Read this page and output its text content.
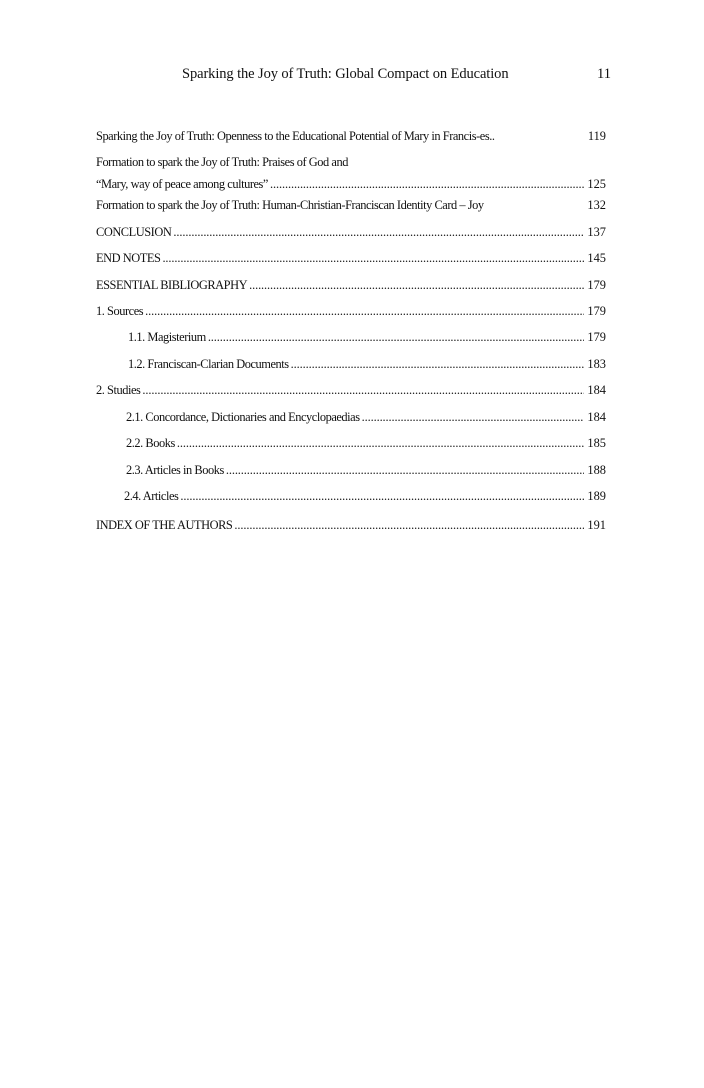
Sparking the Joy of Truth: Global Compact on Education	11
Sparking the Joy of Truth: Openness to the Educational Potential of Mary in Francis-es..	119
Formation to spark the Joy of Truth: Praises of God and
“Mary, way of peace among cultures” . . .	125
Formation to spark the Joy of Truth: Human-Christian-Franciscan Identity Card – Joy	132
CONCLUSION . . .	137
END NOTES . . .	145
ESSENTIAL BIBLIOGRAPHY . . .	179
1. Sources . . .	179
1.1. Magisterium . . .	179
1.2. Franciscan-Clarian Documents . . .	183
2. Studies . . .	184
2.1. Concordance, Dictionaries and Encyclopaedias . . .	184
2.2. Books . . .	185
2.3. Articles in Books . . .	188
2.4. Articles . . .	189
INDEX OF THE AUTHORS . . .	191
